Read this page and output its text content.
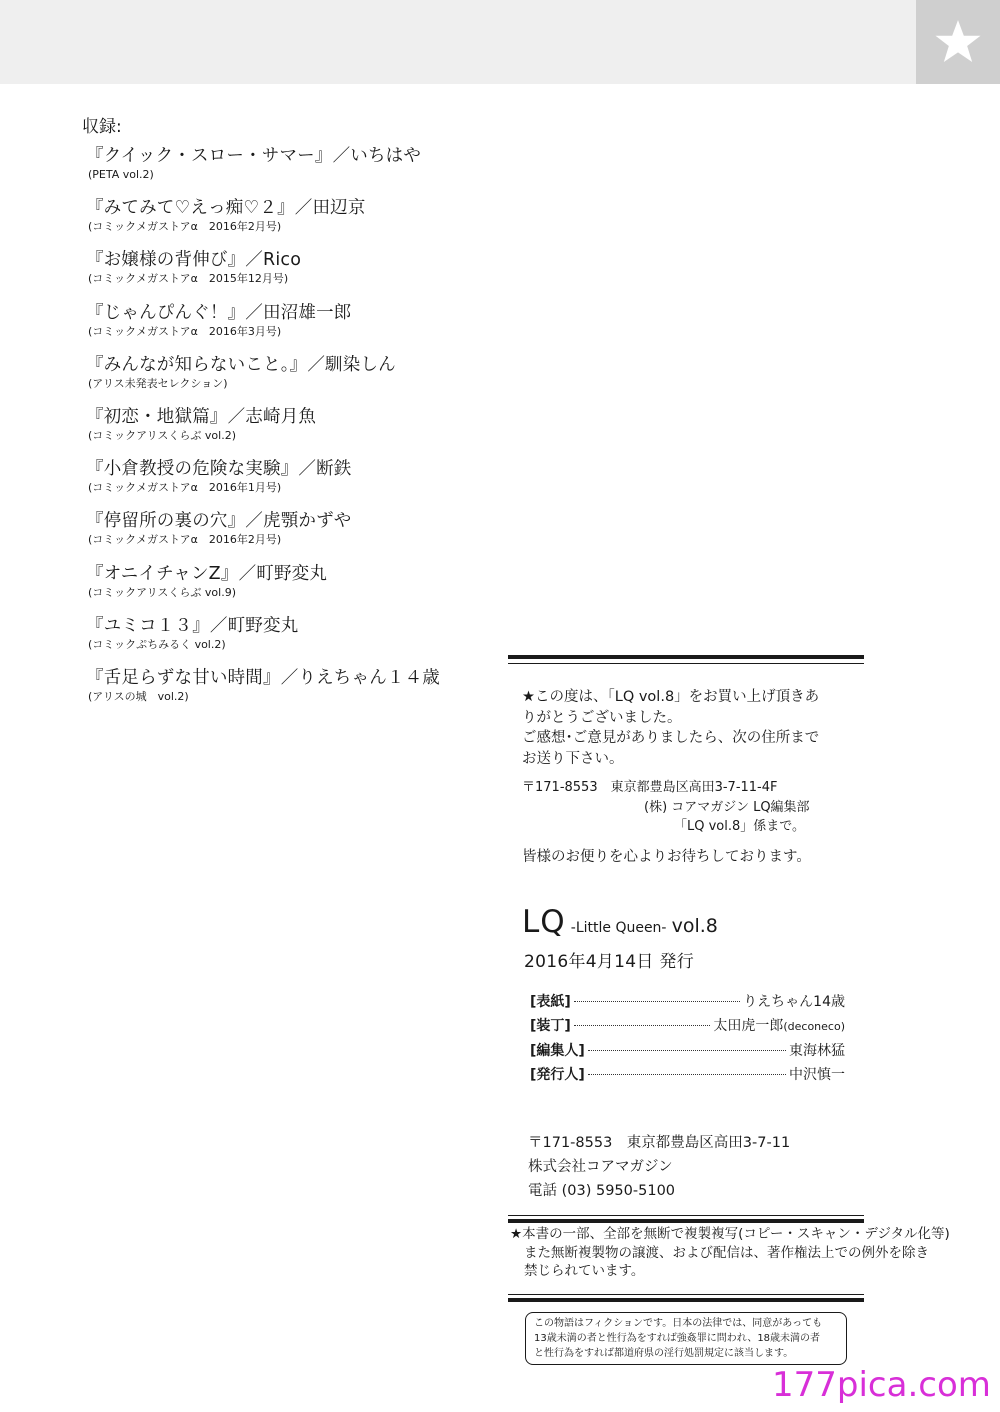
収録:
『クイック・スロー・サマー』／いちはや
(PETA vol.2)
『みてみて♡えっ痴♡２』／田辺京
(コミックメガストアα　2016年2月号)
『お嬢様の背伸び』／Rico
(コミックメガストアα　2015年12月号)
『じゃんぴんぐ！』／田沼雄一郎
(コミックメガストアα　2016年3月号)
『みんなが知らないこと。』／馴染しん
(アリス未発表セレクション)
『初恋・地獄篇』／志崎月魚
(コミックアリスくらぶ vol.2)
『小倉教授の危険な実験』／断鉄
(コミックメガストアα　2016年1月号)
『停留所の裏の穴』／虎顎かずや
(コミックメガストアα　2016年2月号)
『オニイチャンZ』／町野変丸
(コミックアリスくらぶ vol.9)
『ユミコ１３』／町野変丸
(コミックぷちみるく vol.2)
『舌足らずな甘い時間』／りえちゃん１４歳
(アリスの城　vol.2)	★この度は、「LQ vol.8」をお買い上げ頂きあ

りがとうございました。

ご感想･ご意見がありましたら、次の住所まで

お送り下さい。

〒171-8553　東京都豊島区高田3-7-11-4F
(株) コアマガジン LQ編集部
「LQ vol.8」係まで。
皆様のお便りを心よりお待ちしております。
LQ -Little Queen- vol.8
2016年4月14日 発行
[表紙]	りえちゃん14歳
[装丁]	太田虎一郎(deconeco)
[編集人]	東海林猛
[発行人]	中沢慎一
〒171-8553　東京都豊島区高田3-7-11
株式会社コアマガジン
電話 (03) 5950-5100
★本書の一部、全部を無断で複製複写(コピー・スキャン・デジタル化等)
また無断複製物の譲渡、および配信は、著作権法上での例外を除き
禁じられています。
この物語はフィクションです。日本の法律では、同意があっても
13歳未満の者と性行為をすれば強姦罪に問われ、18歳未満の者
と性行為をすれば都道府県の淫行処罰規定に該当します。
177pica.com
